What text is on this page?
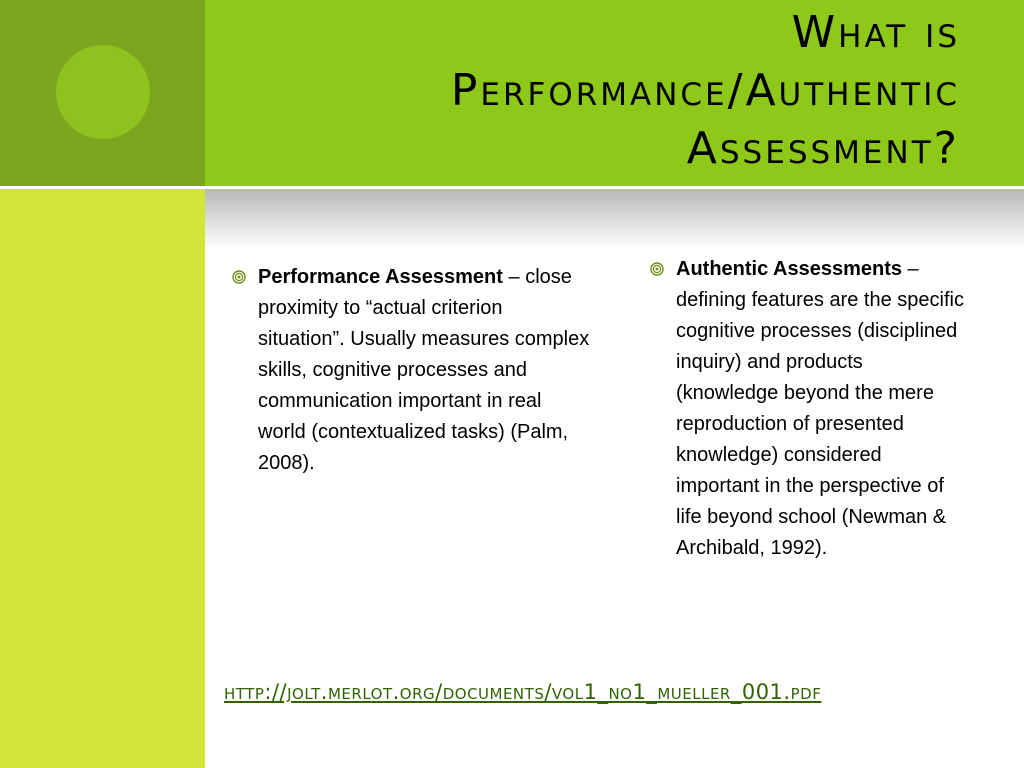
What is
Performance/Authentic
Assessment?
Performance Assessment – close proximity to “actual criterion situation”. Usually measures complex skills, cognitive processes and communication important in real world (contextualized tasks) (Palm, 2008).
Authentic Assessments – defining features are the specific cognitive processes (disciplined inquiry) and products (knowledge beyond the mere reproduction of presented knowledge) considered important in the perspective of life beyond school (Newman & Archibald, 1992).
http://jolt.merlot.org/documents/vol1_no1_mueller_001.pdf
